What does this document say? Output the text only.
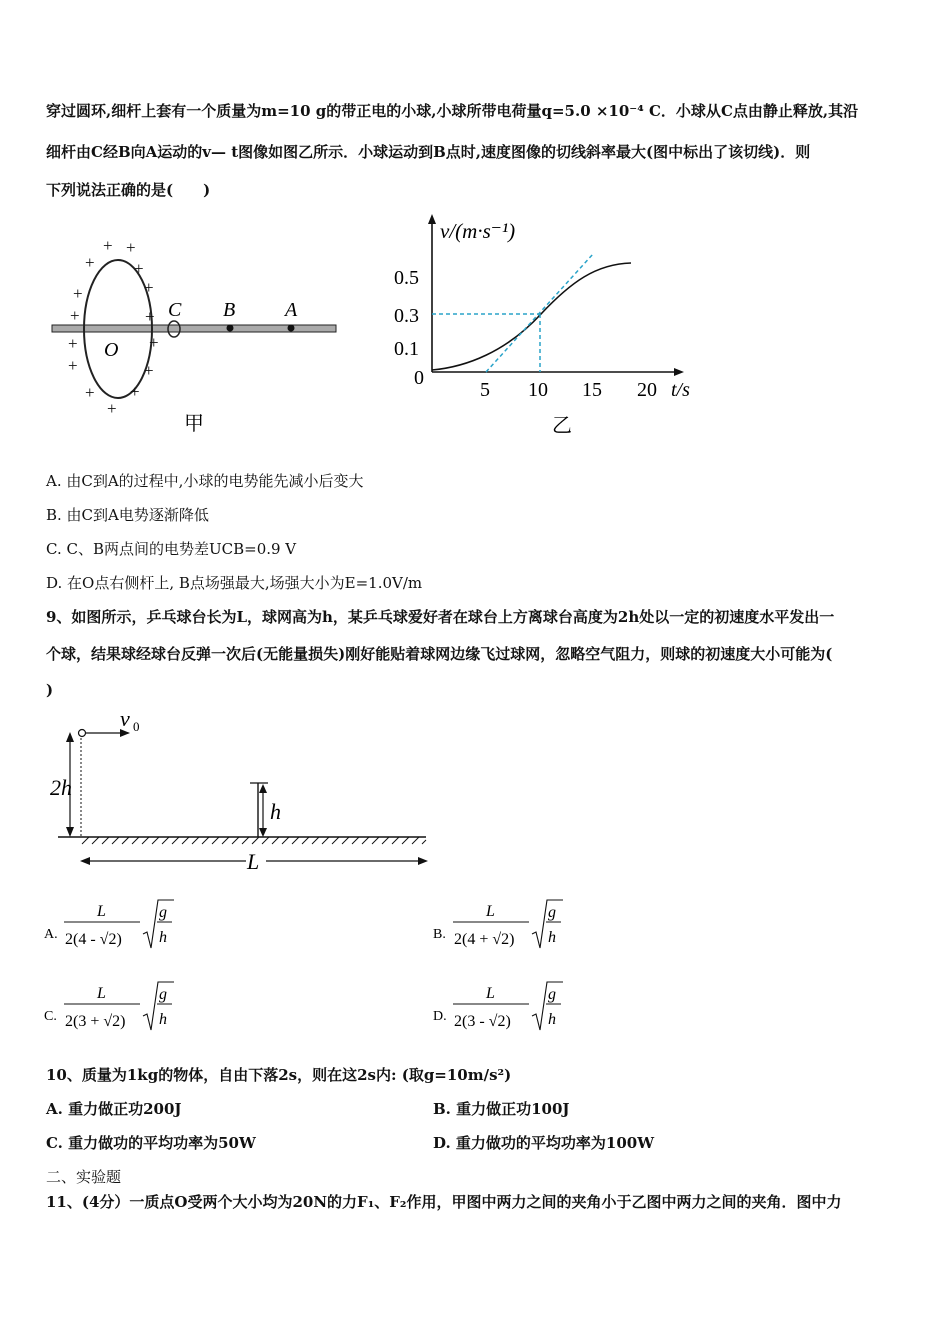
穿过圆环,细杆上套有一个质量为m=10 g的带正电的小球,小球所带电荷量q=5.0 ×10⁻⁴ C．小球从C点由静止释放,其沿
细杆由C经B向A运动的v— t图像如图乙所示．小球运动到B点时,速度图像的切线斜率最大(图中标出了该切线)．则
下列说法正确的是(　　)
+
+
+ +
+
+
+
+
+
+
+
+
+
+
+	C B A
O
甲
v/(m·s⁻¹)
0.5
0.3
0.1
0
5 10 15 20 t/s
乙
A. 由C到A的过程中,小球的电势能先减小后变大
B. 由C到A电势逐渐降低
C. C、B两点间的电势差UCB=0.9 V
D. 在O点右侧杆上, B点场强最大,场强大小为E=1.0V/m
9、如图所示，乒乓球台长为L，球网高为h，某乒乓球爱好者在球台上方离球台高度为2h处以一定的初速度水平发出一
个球，结果球经球台反弹一次后(无能量损失)刚好能贴着球网边缘飞过球网，忽略空气阻力，则球的初速度大小可能为(
)
v 0
2h
h
L
A.
L
2(4 - √2)
g
h	B.
L
2(4 + √2)
g
h
C.
L
2(3 + √2)
g
h	D.
L
2(3 - √2)
g
h
10、质量为1kg的物体，自由下落2s，则在这2s内: (取g=10m/s²)
A. 重力做正功200J	B. 重力做正功100J
C. 重力做功的平均功率为50W	D. 重力做功的平均功率为100W
二、实验题
11、(4分）一质点O受两个大小均为20N的力F₁、F₂作用，甲图中两力之间的夹角小于乙图中两力之间的夹角．图中力
